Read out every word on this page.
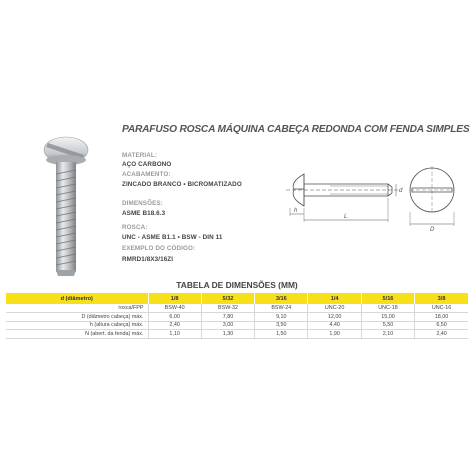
PARAFUSO ROSCA MÁQUINA CABEÇA REDONDA COM FENDA SIMPLES
MATERIAL:
AÇO CARBONO
ACABAMENTO:
ZINCADO BRANCO • BICROMATIZADO
DIMENSÕES:
ASME B18.6.3
ROSCA:
UNC - ASME B1.1 • BSW - DIN 11
EXEMPLO DO CÓDIGO:
RMRD1/8X3/16ZI
h
L
d
D
TABELA DE DIMENSÕES (MM)
d (diâmetro)	1/8	5/32	3/16	1/4	5/16	3/8
rosca/FPP	BSW-40	BSW-32	BSW-24	UNC-20	UNC-18	UNC-16
D (diâmetro cabeça) máx.	6,00	7,80	9,10	12,00	15,00	18,00
h (altura cabeça) máx.	2,40	3,00	3,50	4,40	5,50	6,50
N (abert. da fenda) máx.	1,10	1,30	1,50	1,90	2,10	2,40
